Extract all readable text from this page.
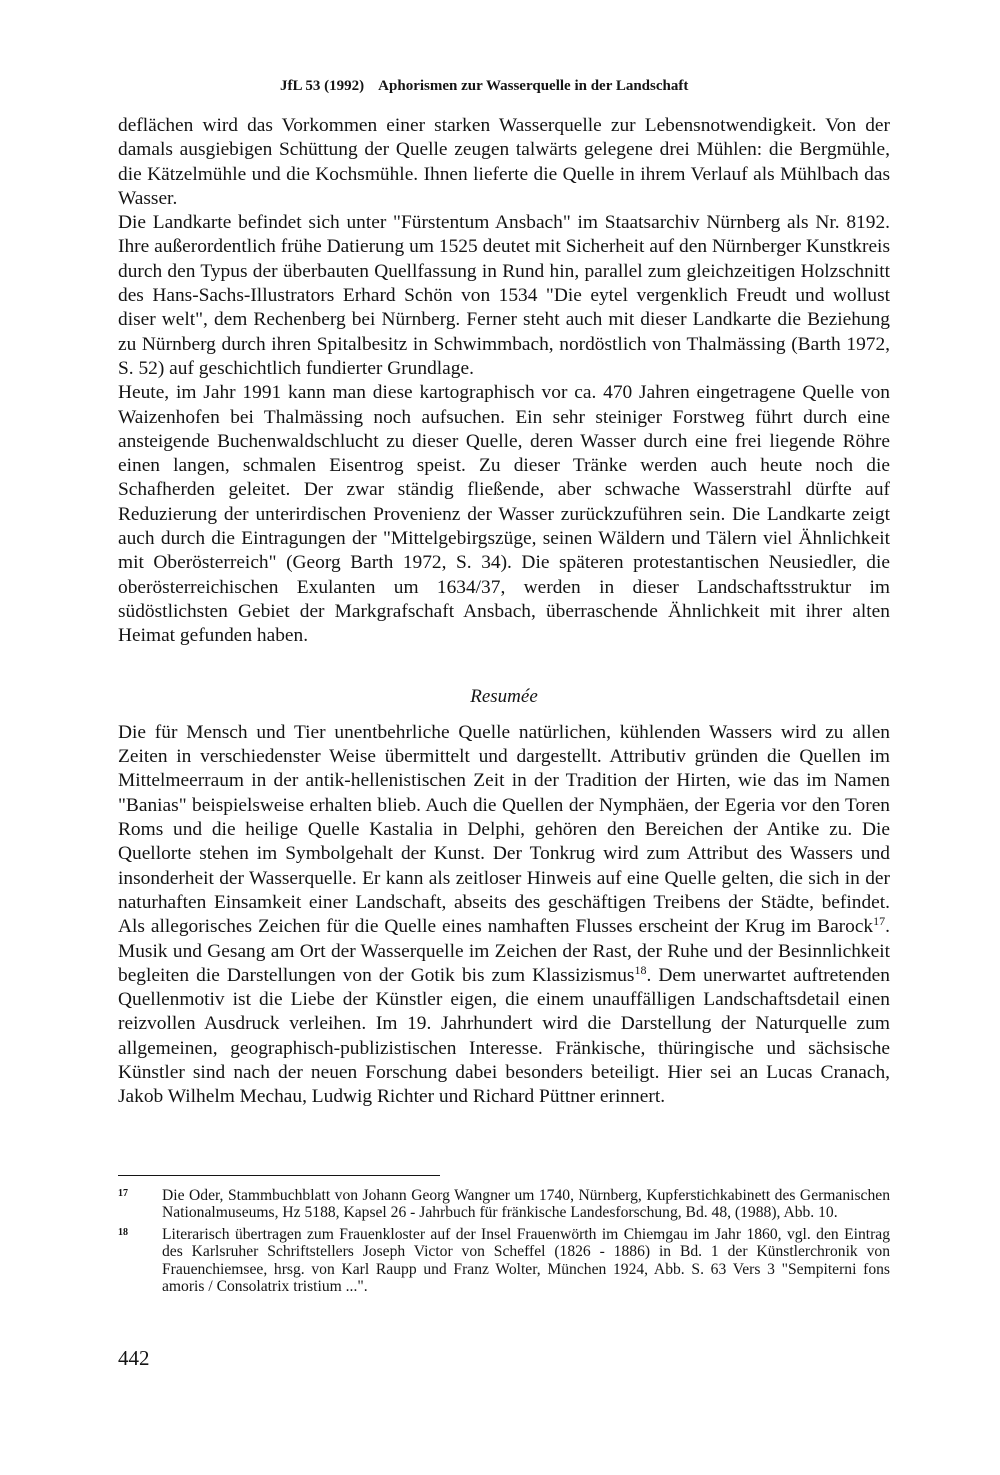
JfL 53 (1992) Aphorismen zur Wasserquelle in der Landschaft

deflächen wird das Vorkommen einer starken Wasserquelle zur Lebensnotwendigkeit. Von der damals ausgiebigen Schüttung der Quelle zeugen talwärts gelegene drei Mühlen: die Bergmühle, die Kätzelmühle und die Kochsmühle. Ihnen lieferte die Quelle in ihrem Verlauf als Mühlbach das Wasser.

Die Landkarte befindet sich unter "Fürstentum Ansbach" im Staatsarchiv Nürnberg als Nr. 8192. Ihre außerordentlich frühe Datierung um 1525 deutet mit Sicherheit auf den Nürnberger Kunstkreis durch den Typus der überbauten Quellfassung in Rund hin, parallel zum gleichzeitigen Holzschnitt des Hans-Sachs-Illustrators Erhard Schön von 1534 "Die eytel vergenklich Freudt und wollust diser welt", dem Rechenberg bei Nürnberg. Ferner steht auch mit dieser Landkarte die Beziehung zu Nürnberg durch ihren Spitalbesitz in Schwimmbach, nordöstlich von Thalmässing (Barth 1972, S. 52) auf geschichtlich fundierter Grundlage.

Heute, im Jahr 1991 kann man diese kartographisch vor ca. 470 Jahren eingetragene Quelle von Waizenhofen bei Thalmässing noch aufsuchen. Ein sehr steiniger Forstweg führt durch eine ansteigende Buchenwaldschlucht zu dieser Quelle, deren Wasser durch eine frei liegende Röhre einen langen, schmalen Eisentrog speist. Zu dieser Tränke werden auch heute noch die Schafherden geleitet. Der zwar ständig fließende, aber schwache Wasserstrahl dürfte auf Reduzierung der unterirdischen Provenienz der Wasser zurückzuführen sein. Die Landkarte zeigt auch durch die Eintragungen der "Mittelgebirgszüge, seinen Wäldern und Tälern viel Ähnlichkeit mit Oberösterreich" (Georg Barth 1972, S. 34). Die späteren protestantischen Neusiedler, die oberösterreichischen Exulanten um 1634/37, werden in dieser Landschaftsstruktur im südöstlichsten Gebiet der Markgrafschaft Ansbach, überraschende Ähnlichkeit mit ihrer alten Heimat gefunden haben.

Resumée

Die für Mensch und Tier unentbehrliche Quelle natürlichen, kühlenden Wassers wird zu allen Zeiten in verschiedenster Weise übermittelt und dargestellt. Attributiv gründen die Quellen im Mittelmeerraum in der antik-hellenistischen Zeit in der Tradition der Hirten, wie das im Namen "Banias" beispielsweise erhalten blieb. Auch die Quellen der Nymphäen, der Egeria vor den Toren Roms und die heilige Quelle Kastalia in Delphi, gehören den Bereichen der Antike zu. Die Quellorte stehen im Symbolgehalt der Kunst. Der Tonkrug wird zum Attribut des Wassers und insonderheit der Wasserquelle. Er kann als zeitloser Hinweis auf eine Quelle gelten, die sich in der naturhaften Einsamkeit einer Landschaft, abseits des geschäftigen Treibens der Städte, befindet. Als allegorisches Zeichen für die Quelle eines namhaften Flusses erscheint der Krug im Barock$^{17}$. Musik und Gesang am Ort der Wasserquelle im Zeichen der Rast, der Ruhe und der Besinnlichkeit begleiten die Darstellungen von der Gotik bis zum Klassizismus$^{18}$. Dem unerwartet auftretenden Quellenmotiv ist die Liebe der Künstler eigen, die einem unauffälligen Landschaftsdetail einen reizvollen Ausdruck verleihen. Im 19. Jahrhundert wird die Darstellung der Naturquelle zum allgemeinen, geographisch-publizistischen Interesse. Fränkische, thüringische und sächsische Künstler sind nach der neuen Forschung dabei besonders beteiligt. Hier sei an Lucas Cranach, Jakob Wilhelm Mechau, Ludwig Richter und Richard Püttner erinnert.

17 Die Oder, Stammbuchblatt von Johann Georg Wangner um 1740, Nürnberg, Kupferstichkabinett des Germanischen Nationalmuseums, Hz 5188, Kapsel 26 - Jahrbuch für fränkische Landesforschung, Bd. 48, (1988), Abb. 10.
18 Literarisch übertragen zum Frauenkloster auf der Insel Frauenwörth im Chiemgau im Jahr 1860, vgl. den Eintrag des Karlsruher Schriftstellers Joseph Victor von Scheffel (1826 - 1886) in Bd. 1 der Künstlerchronik von Frauenchiemsee, hrsg. von Karl Raupp und Franz Wolter, München 1924, Abb. S. 63 Vers 3 "Sempiterni fons amoris / Consolatrix tristium ...".
442
